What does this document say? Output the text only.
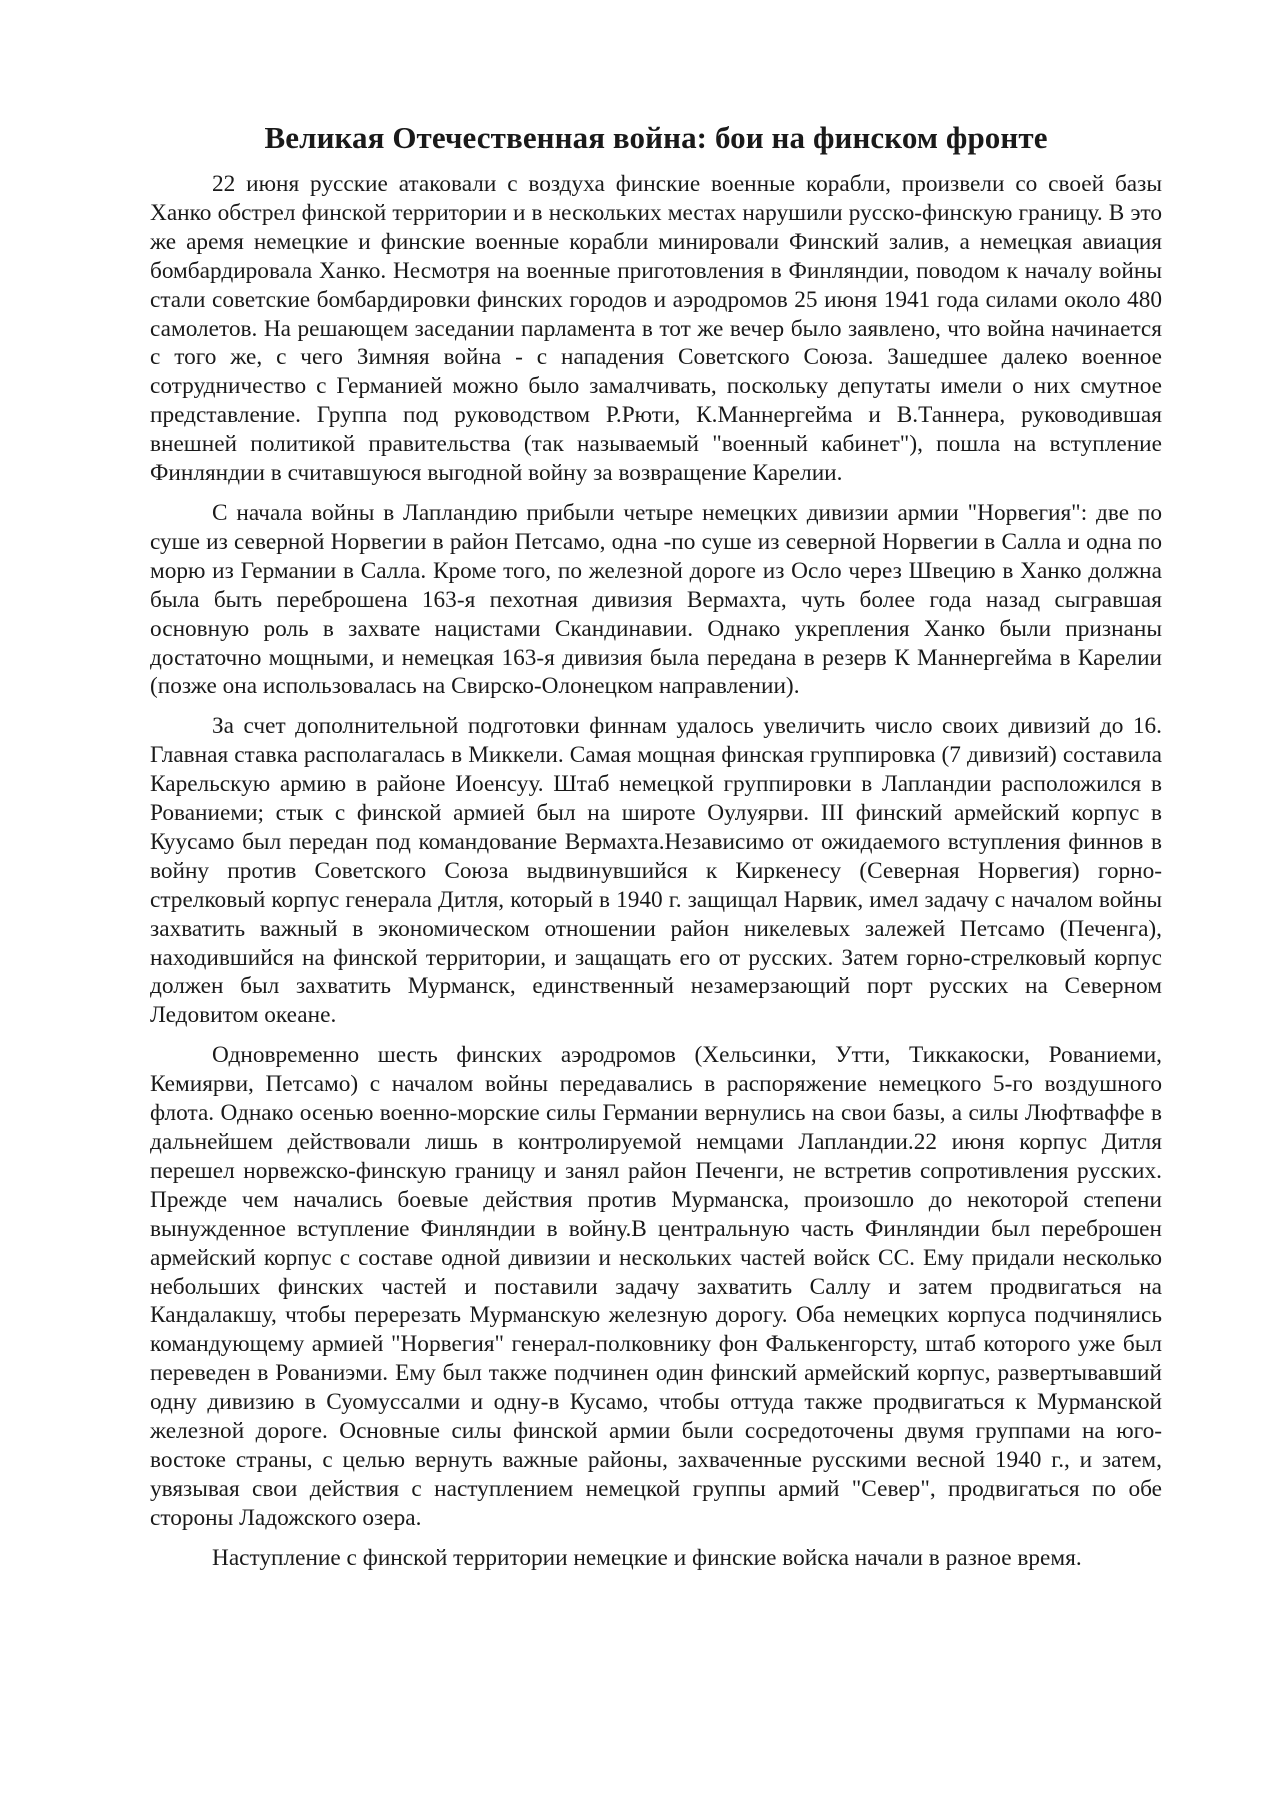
Великая Отечественная война: бои на финском фронте

22 июня русские атаковали с воздуха финские военные корабли, произвели со своей базы Ханко обстрел финской территории и в нескольких местах нарушили русско-финскую границу. В это же аремя немецкие и финские военные корабли минировали Финский залив, а немецкая авиация бомбардировала Ханко. Несмотря на военные приготовления в Финляндии, поводом к началу войны стали советские бомбардировки финских городов и аэродромов 25 июня 1941 года силами около 480 самолетов. На решающем заседании парламента в тот же вечер было заявлено, что война начинается с того же, с чего Зимняя война - с нападения Советского Союза. Зашедшее далеко военное сотрудничество с Германией можно было замалчивать, поскольку депутаты имели о них смутное представление. Группа под руководством Р.Рюти, К.Маннергейма и В.Таннера, руководившая внешней политикой правительства (так называемый "военный кабинет"), пошла на вступление Финляндии в считавшуюся выгодной войну за возвращение Карелии.

С начала войны в Лапландию прибыли четыре немецких дивизии армии "Норвегия": две по суше из северной Норвегии в район Петсамо, одна -по суше из северной Норвегии в Салла и одна по морю из Германии в Салла. Кроме того, по железной дороге из Осло через Швецию в Ханко должна была быть переброшена 163-я пехотная дивизия Вермахта, чуть более года назад сыгравшая основную роль в захвате нацистами Скандинавии. Однако укрепления Ханко были признаны достаточно мощными, и немецкая 163-я дивизия была передана в резерв К Маннергейма в Карелии (позже она использовалась на Свирско-Олонецком направлении).

За счет дополнительной подготовки финнам удалось увеличить число своих дивизий до 16. Главная ставка располагалась в Миккели. Самая мощная финская группировка (7 дивизий) составила Карельскую армию в районе Иоенсуу. Штаб немецкой группировки в Лапландии расположился в Рованиеми; стык с финской армией был на широте Оулуярви. III финский армейский корпус в Куусамо был передан под командование Вермахта.Независимо от ожидаемого вступления финнов в войну против Советского Союза выдвинувшийся к Киркенесу (Северная Норвегия) горно-стрелковый корпус генерала Дитля, который в 1940 г. защищал Нарвик, имел задачу с началом войны захватить важный в экономическом отношении район никелевых залежей Петсамо (Печенга), находившийся на финской территории, и защащать его от русских. Затем горно-стрелковый корпус должен был захватить Мурманск, единственный незамерзающий порт русских на Северном Ледовитом океане.

Одновременно шесть финских аэродромов (Хельсинки, Утти, Тиккакоски, Рованиеми, Кемиярви, Петсамо) с началом войны передавались в распоряжение немецкого 5-го воздушного флота. Однако осенью военно-морские силы Германии вернулись на свои базы, а силы Люфтваффе в дальнейшем действовали лишь в контролируемой немцами Лапландии.22 июня корпус Дитля перешел норвежско-финскую границу и занял район Печенги, не встретив сопротивления русских. Прежде чем начались боевые действия против Мурманска, произошло до некоторой степени вынужденное вступление Финляндии в войну.В центральную часть Финляндии был переброшен армейский корпус с составе одной дивизии и нескольких частей войск СС. Ему придали несколько небольших финских частей и поставили задачу захватить Саллу и затем продвигаться на Кандалакшу, чтобы перерезать Мурманскую железную дорогу. Оба немецких корпуса подчинялись командующему армией "Норвегия" генерал-полковнику фон Фалькенгорсту, штаб которого уже был переведен в Рованиэми. Ему был также подчинен один финский армейский корпус, развертывавший одну дивизию в Суомуссалми и одну-в Кусамо, чтобы оттуда также продвигаться к Мурманской железной дороге. Основные силы финской армии были сосредоточены двумя группами на юго-востоке страны, с целью вернуть важные районы, захваченные русскими весной 1940 г., и затем, увязывая свои действия с наступлением немецкой группы армий "Север", продвигаться по обе стороны Ладожского озера.

Наступление с финской территории немецкие и финские войска начали в разное время.
